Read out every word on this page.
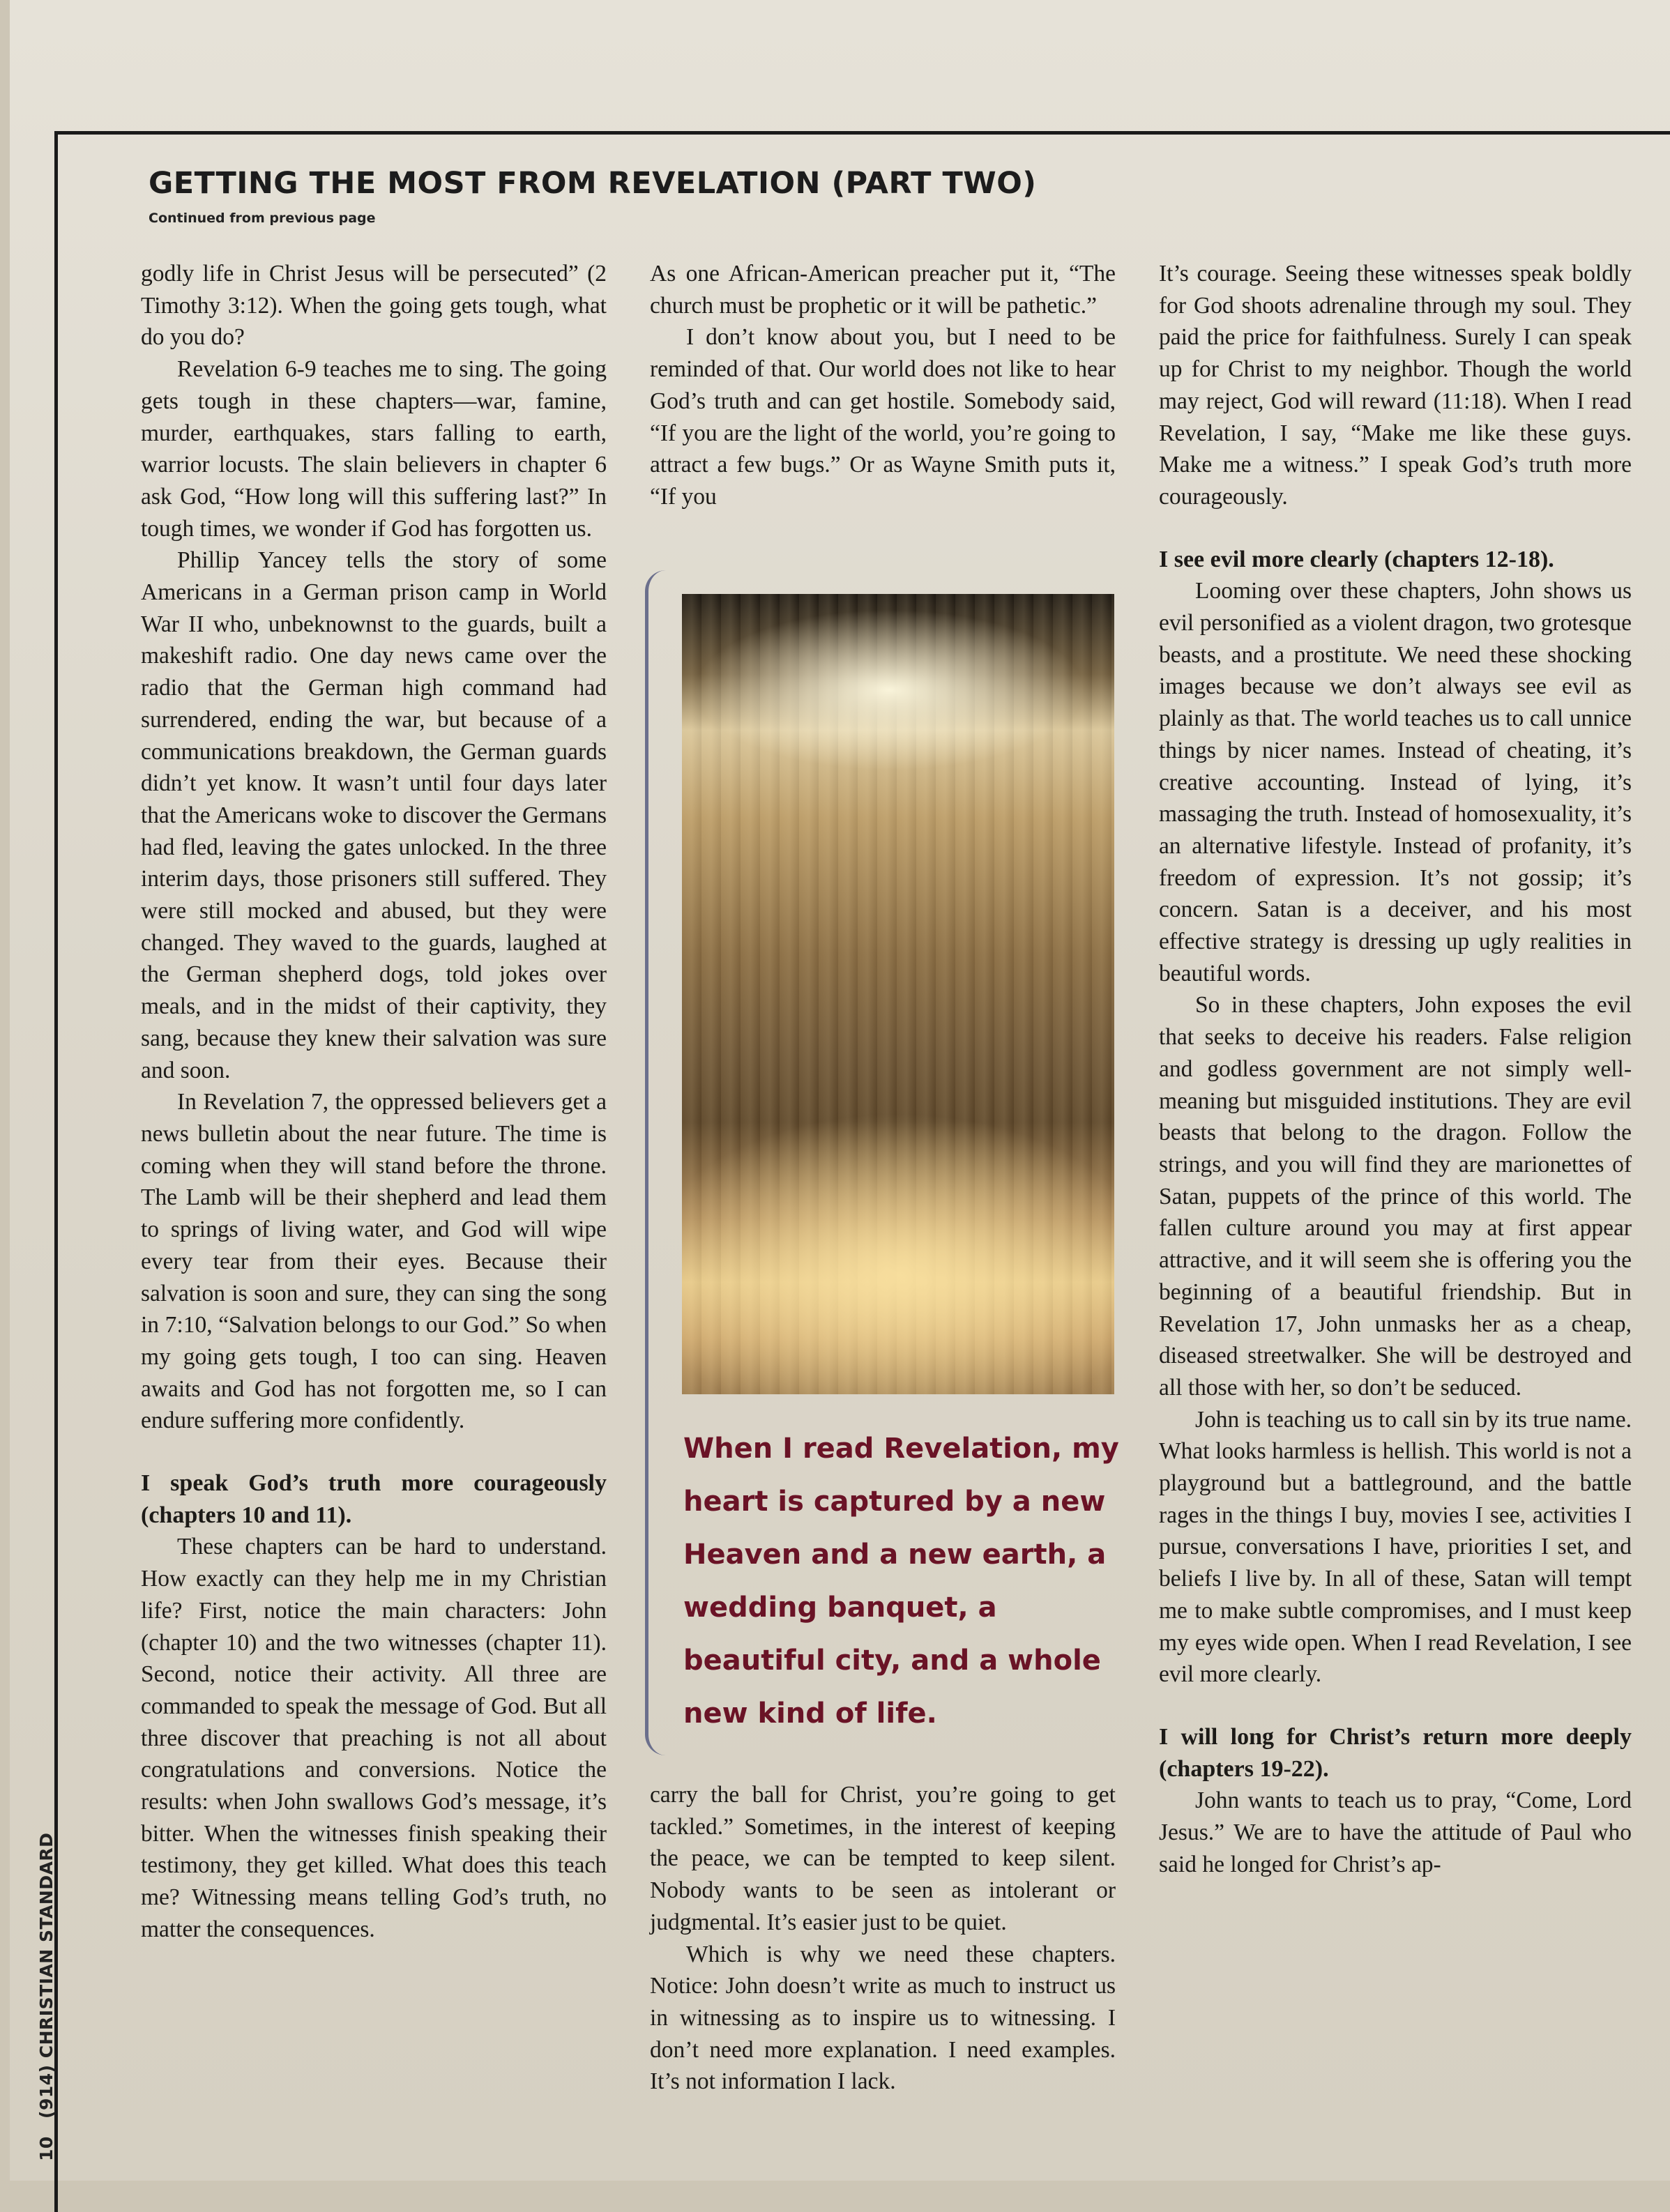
GETTING THE MOST FROM REVELATION (PART TWO)
Continued from previous page

godly life in Christ Jesus will be persecuted” (2 Timothy 3:12). When the going gets tough, what do you do?

Revelation 6-9 teaches me to sing. The going gets tough in these chapters—war, famine, murder, earthquakes, stars falling to earth, warrior locusts. The slain believers in chapter 6 ask God, “How long will this suffering last?” In tough times, we wonder if God has forgotten us.

Phillip Yancey tells the story of some Americans in a German prison camp in World War II who, unbeknownst to the guards, built a makeshift radio. One day news came over the radio that the German high command had surrendered, ending the war, but because of a communications breakdown, the German guards didn’t yet know. It wasn’t until four days later that the Americans woke to discover the Germans had fled, leaving the gates unlocked. In the three interim days, those prisoners still suffered. They were still mocked and abused, but they were changed. They waved to the guards, laughed at the German shepherd dogs, told jokes over meals, and in the midst of their captivity, they sang, because they knew their salvation was sure and soon.

In Revelation 7, the oppressed believers get a news bulletin about the near future. The time is coming when they will stand before the throne. The Lamb will be their shepherd and lead them to springs of living water, and God will wipe every tear from their eyes. Because their salvation is soon and sure, they can sing the song in 7:10, “Salvation belongs to our God.” So when my going gets tough, I too can sing. Heaven awaits and God has not forgotten me, so I can endure suffering more confidently.

I speak God’s truth more courageously (chapters 10 and 11).

These chapters can be hard to understand. How exactly can they help me in my Christian life? First, notice the main characters: John (chapter 10) and the two witnesses (chapter 11). Second, notice their activity. All three are commanded to speak the message of God. But all three discover that preaching is not all about congratulations and conversions. Notice the results: when John swallows God’s message, it’s bitter. When the witnesses finish speaking their testimony, they get killed. What does this teach me? Witnessing means telling God’s truth, no matter the consequences.

As one African-American preacher put it, “The church must be prophetic or it will be pathetic.”

I don’t know about you, but I need to be reminded of that. Our world does not like to hear God’s truth and can get hostile. Somebody said, “If you are the light of the world, you’re going to attract a few bugs.” Or as Wayne Smith puts it, “If you

When I read Revelation, my heart is captured by a new Heaven and a new earth, a wedding banquet, a beautiful city, and a whole new kind of life.

carry the ball for Christ, you’re going to get tackled.” Sometimes, in the interest of keeping the peace, we can be tempted to keep silent. Nobody wants to be seen as intolerant or judgmental. It’s easier just to be quiet.

Which is why we need these chapters. Notice: John doesn’t write as much to instruct us in witnessing as to inspire us to witnessing. I don’t need more explanation. I need examples. It’s not information I lack.

It’s courage. Seeing these witnesses speak boldly for God shoots adrenaline through my soul. They paid the price for faithfulness. Surely I can speak up for Christ to my neighbor. Though the world may reject, God will reward (11:18). When I read Revelation, I say, “Make me like these guys. Make me a witness.” I speak God’s truth more courageously.

I see evil more clearly (chapters 12-18).

Looming over these chapters, John shows us evil personified as a violent dragon, two grotesque beasts, and a prostitute. We need these shocking images because we don’t always see evil as plainly as that. The world teaches us to call unnice things by nicer names. Instead of cheating, it’s creative accounting. Instead of lying, it’s massaging the truth. Instead of homosexuality, it’s an alternative lifestyle. Instead of profanity, it’s freedom of expression. It’s not gossip; it’s concern. Satan is a deceiver, and his most effective strategy is dressing up ugly realities in beautiful words.

So in these chapters, John exposes the evil that seeks to deceive his readers. False religion and godless government are not simply well-meaning but misguided institutions. They are evil beasts that belong to the dragon. Follow the strings, and you will find they are marionettes of Satan, puppets of the prince of this world. The fallen culture around you may at first appear attractive, and it will seem she is offering you the beginning of a beautiful friendship. But in Revelation 17, John unmasks her as a cheap, diseased streetwalker. She will be destroyed and all those with her, so don’t be seduced.

John is teaching us to call sin by its true name. What looks harmless is hellish. This world is not a playground but a battleground, and the battle rages in the things I buy, movies I see, activities I pursue, conversations I have, priorities I set, and beliefs I live by. In all of these, Satan will tempt me to make subtle compromises, and I must keep my eyes wide open. When I read Revelation, I see evil more clearly.

I will long for Christ’s return more deeply (chapters 19-22).

John wants to teach us to pray, “Come, Lord Jesus.” We are to have the attitude of Paul who said he longed for Christ’s ap-

10 (914) CHRISTIAN STANDARD
